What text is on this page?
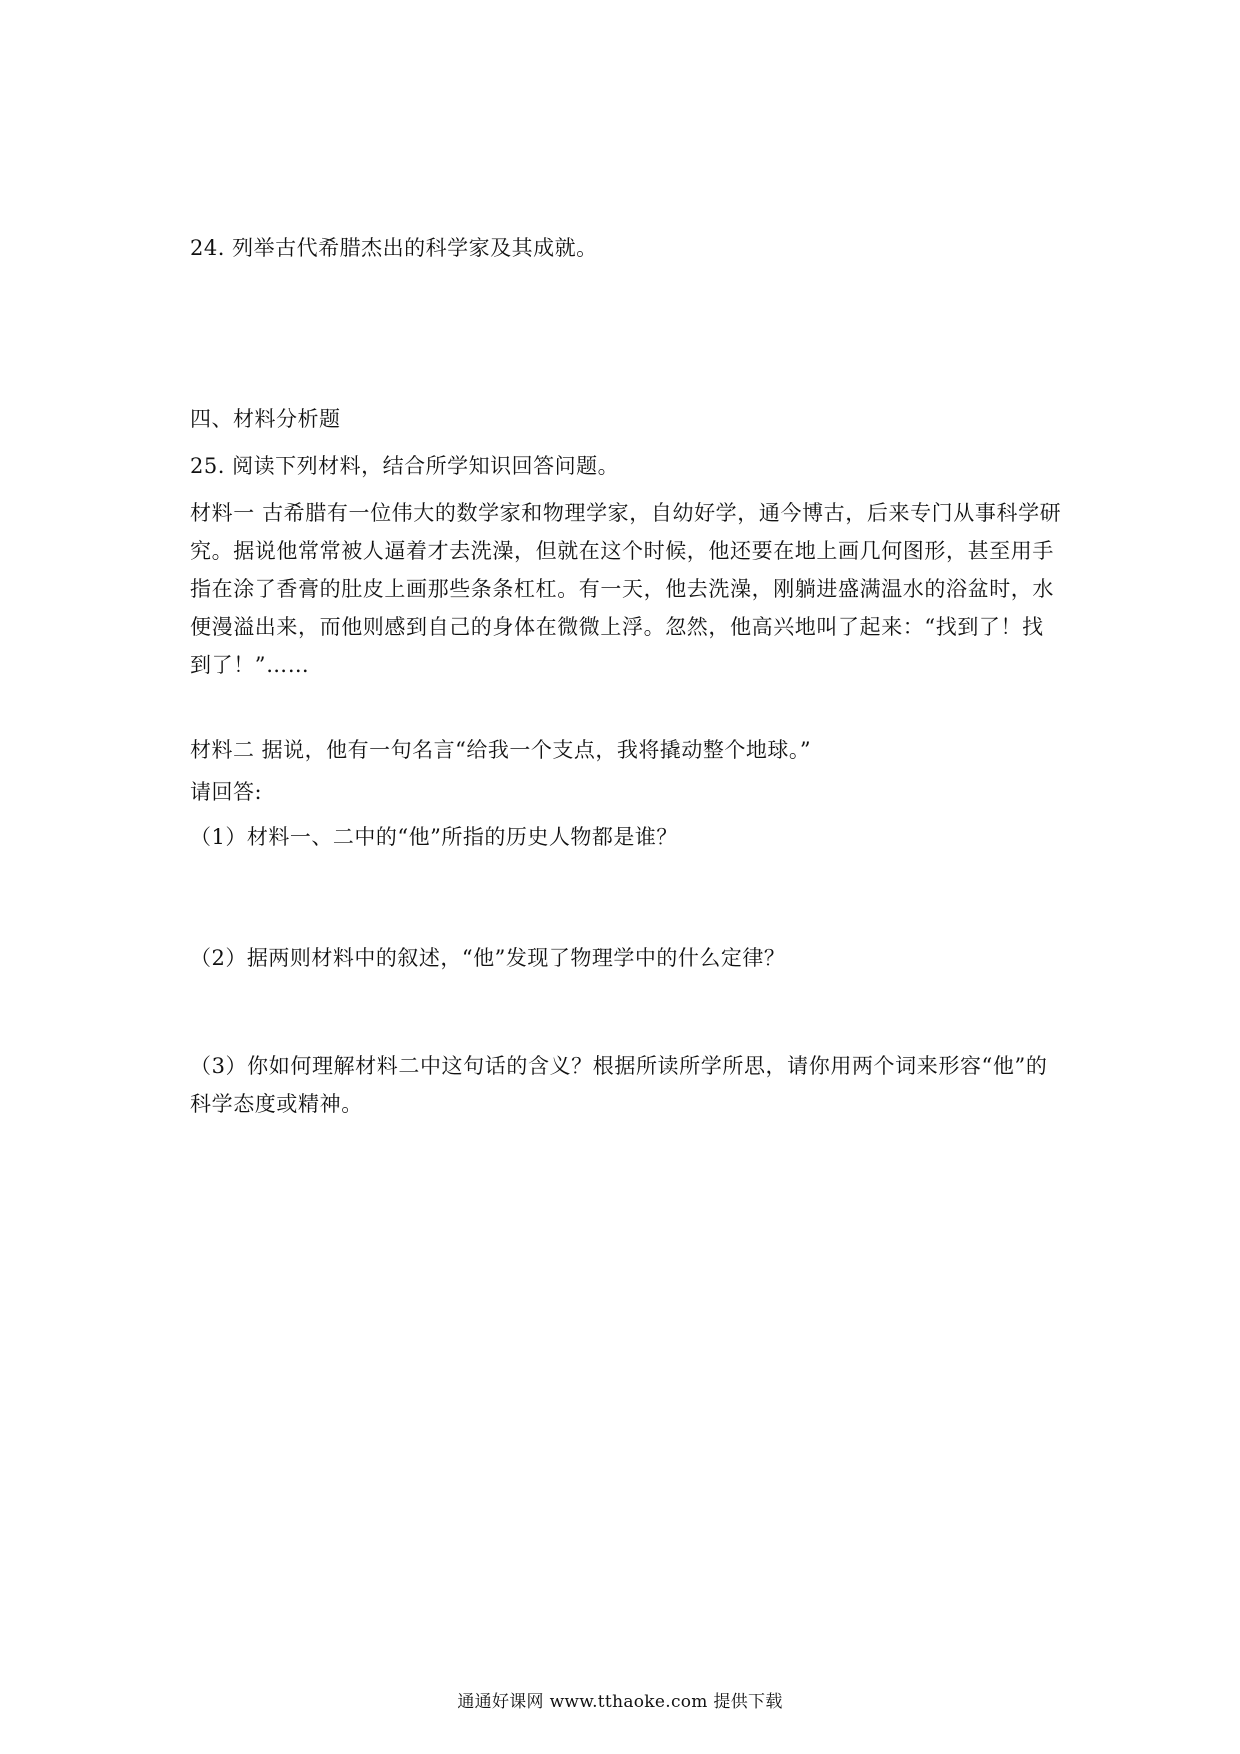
24. 列举古代希腊杰出的科学家及其成就。
四、材料分析题
25. 阅读下列材料，结合所学知识回答问题。
材料一 古希腊有一位伟大的数学家和物理学家，自幼好学，通今博古，后来专门从事科学研究。据说他常常被人逼着才去洗澡，但就在这个时候，他还要在地上画几何图形，甚至用手指在涂了香膏的肚皮上画那些条条杠杠。有一天，他去洗澡，刚躺进盛满温水的浴盆时，水便漫溢出来，而他则感到自己的身体在微微上浮。忽然，他高兴地叫了起来：“找到了！找到了！”……
材料二 据说，他有一句名言“给我一个支点，我将撬动整个地球。”
请回答:
（1）材料一、二中的“他”所指的历史人物都是谁？
（2）据两则材料中的叙述，“他”发现了物理学中的什么定律？
（3）你如何理解材料二中这句话的含义？根据所读所学所思，请你用两个词来形容“他”的科学态度或精神。
通通好课网 www.tthaoke.com 提供下载
